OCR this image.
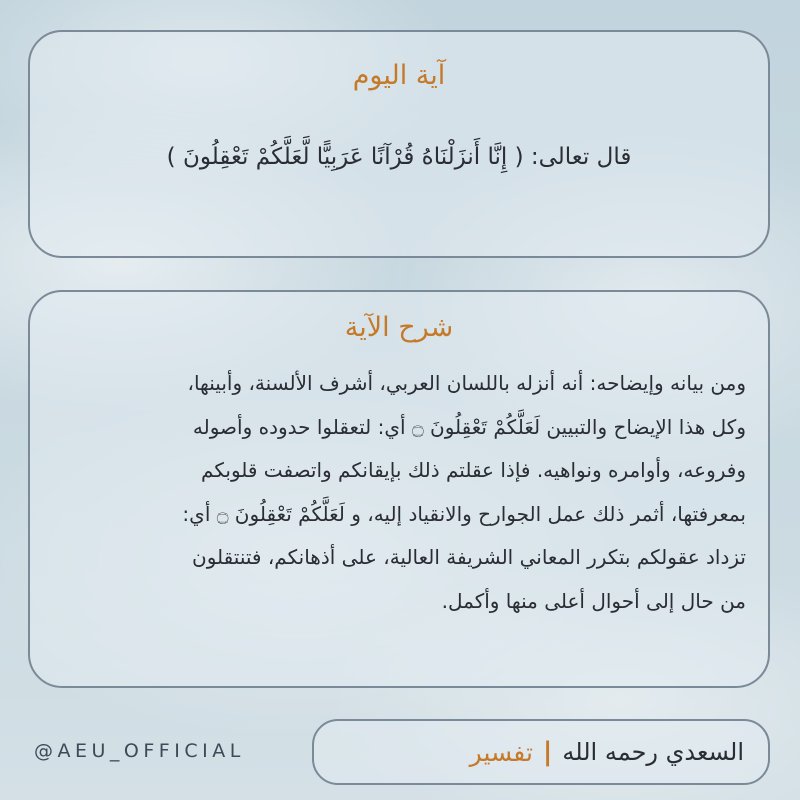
آية اليوم
قال تعالى: ( إِنَّا أَنزَلْنَاهُ قُرْآنًا عَرَبِيًّا لَّعَلَّكُمْ تَعْقِلُونَ )
شرح الآية
ومن بيانه وإيضاحه: أنه أنزله باللسان العربي، أشرف الألسنة، وأبينها،
وكل هذا الإيضاح والتبيين لَعَلَّكُمْ تَعْقِلُونَ ۝ أي: لتعقلوا حدوده وأصوله
وفروعه، وأوامره ونواهيه. فإذا عقلتم ذلك بإيقانكم واتصفت قلوبكم
بمعرفتها، أثمر ذلك عمل الجوارح والانقياد إليه، و لَعَلَّكُمْ تَعْقِلُونَ ۝ أي:
تزداد عقولكم بتكرر المعاني الشريفة العالية، على أذهانكم، فتنتقلون
من حال إلى أحوال أعلى منها وأكمل.
تفسير | السعدي رحمه الله
@AEU_OFFICIAL
